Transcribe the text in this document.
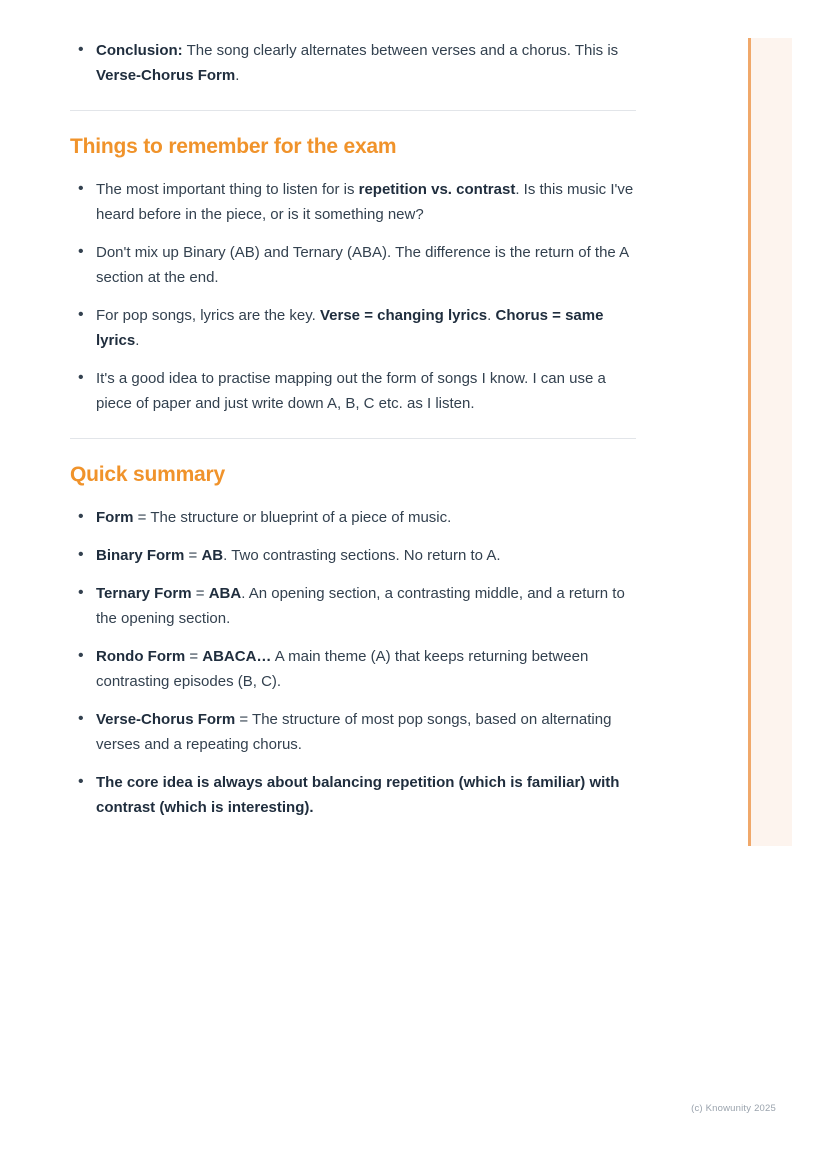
• Conclusion: The song clearly alternates between verses and a chorus. This is Verse-Chorus Form.
Things to remember for the exam
• The most important thing to listen for is repetition vs. contrast. Is this music I've heard before in the piece, or is it something new?
• Don't mix up Binary (AB) and Ternary (ABA). The difference is the return of the A section at the end.
• For pop songs, lyrics are the key. Verse = changing lyrics. Chorus = same lyrics.
• It's a good idea to practise mapping out the form of songs I know. I can use a piece of paper and just write down A, B, C etc. as I listen.
Quick summary
• Form = The structure or blueprint of a piece of music.
• Binary Form = AB. Two contrasting sections. No return to A.
• Ternary Form = ABA. An opening section, a contrasting middle, and a return to the opening section.
• Rondo Form = ABACA… A main theme (A) that keeps returning between contrasting episodes (B, C).
• Verse-Chorus Form = The structure of most pop songs, based on alternating verses and a repeating chorus.
• The core idea is always about balancing repetition (which is familiar) with contrast (which is interesting).
(c) Knowunity 2025
